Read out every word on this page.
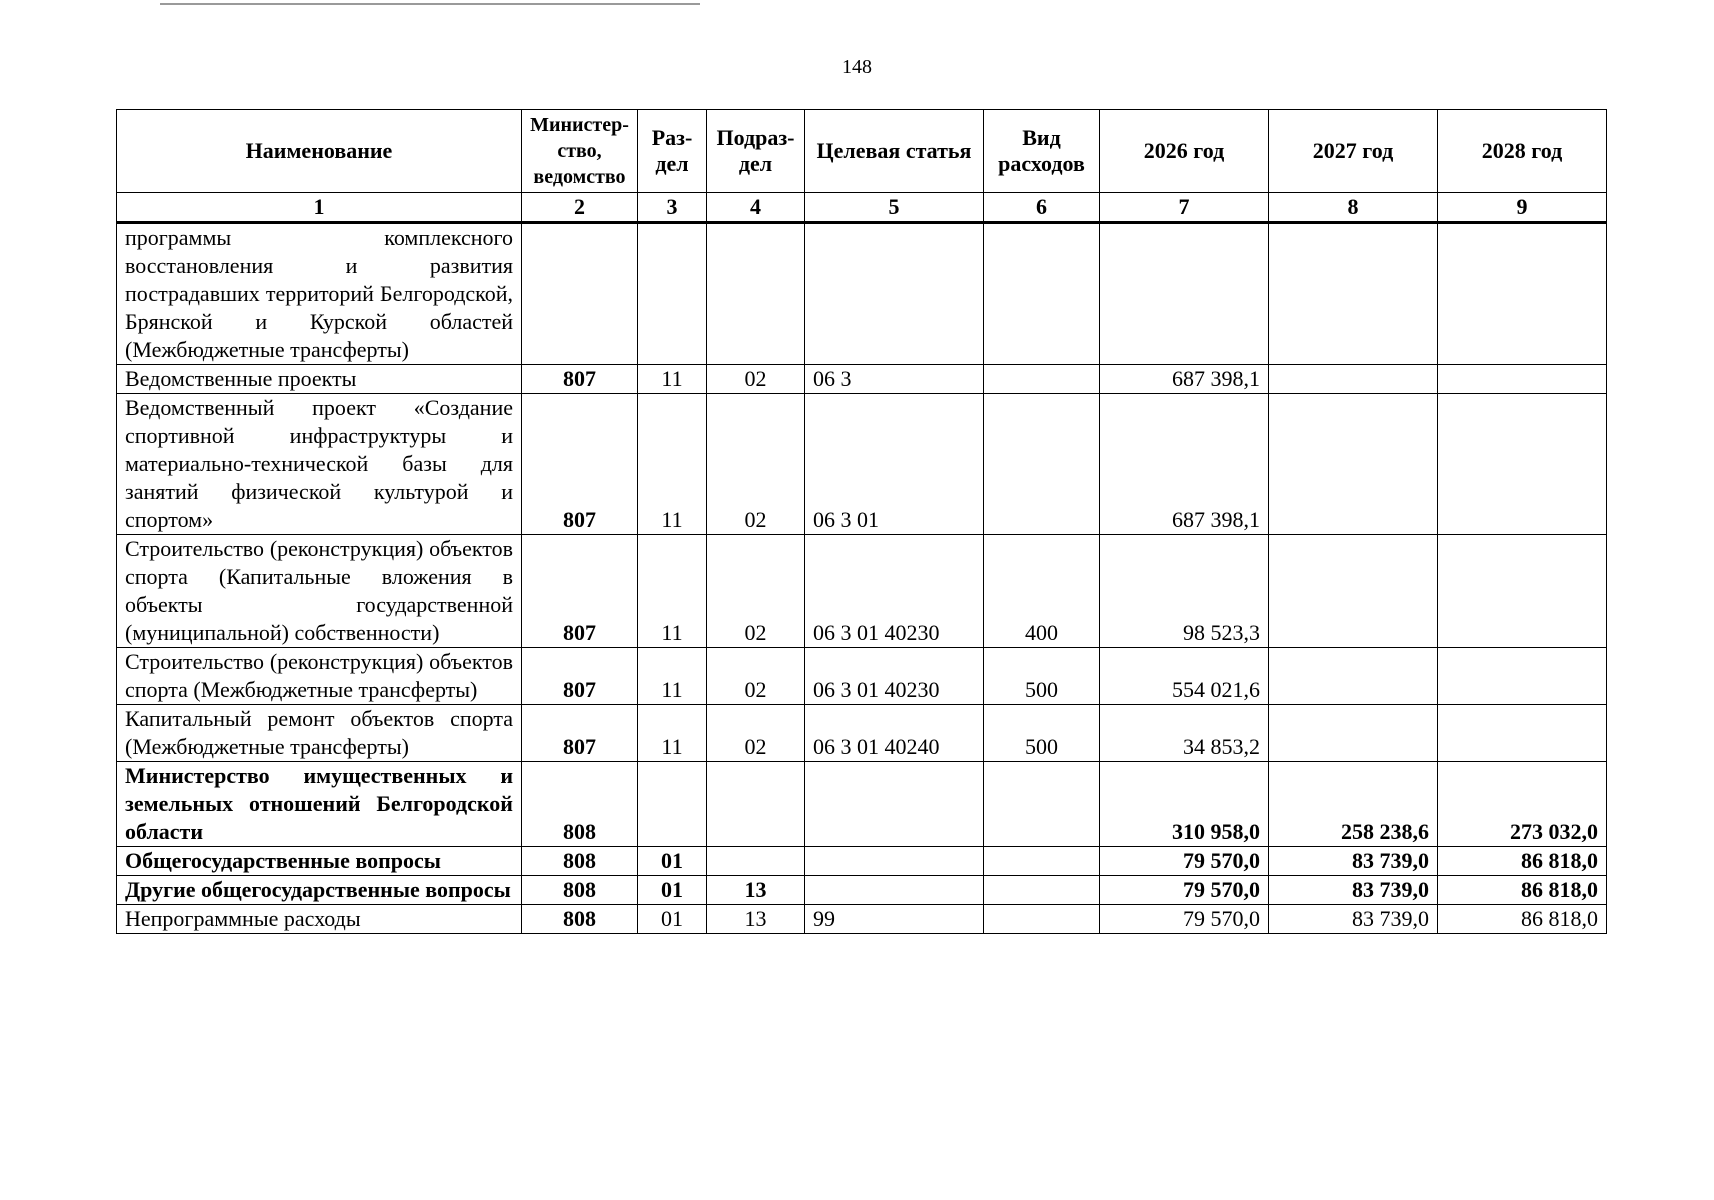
148
Наименование	Министер-ство, ведомство	Раз-дел	Подраз-дел	Целевая статья	Вид расходов	2026 год	2027 год	2028 год
1	2	3	4	5	6	7	8	9
программы комплексного восстановления и развития пострадавших территорий Белгородской, Брянской и Курской областей (Межбюджетные трансферты)								
Ведомственные проекты	807	11	02	06 3		687 398,1		
Ведомственный проект «Создание спортивной инфраструктуры и материально-технической базы для занятий физической культурой и спортом»	807	11	02	06 3 01		687 398,1		
Строительство (реконструкция) объектов спорта (Капитальные вложения в объекты государственной (муниципальной) собственности)	807	11	02	06 3 01 40230	400	98 523,3		
Строительство (реконструкция) объектов спорта (Межбюджетные трансферты)	807	11	02	06 3 01 40230	500	554 021,6		
Капитальный ремонт объектов спорта (Межбюджетные трансферты)	807	11	02	06 3 01 40240	500	34 853,2		
Министерство имущественных и земельных отношений Белгородской области	808					310 958,0	258 238,6	273 032,0
Общегосударственные вопросы	808	01				79 570,0	83 739,0	86 818,0
Другие общегосударственные вопросы	808	01	13			79 570,0	83 739,0	86 818,0
Непрограммные расходы	808	01	13	99		79 570,0	83 739,0	86 818,0
